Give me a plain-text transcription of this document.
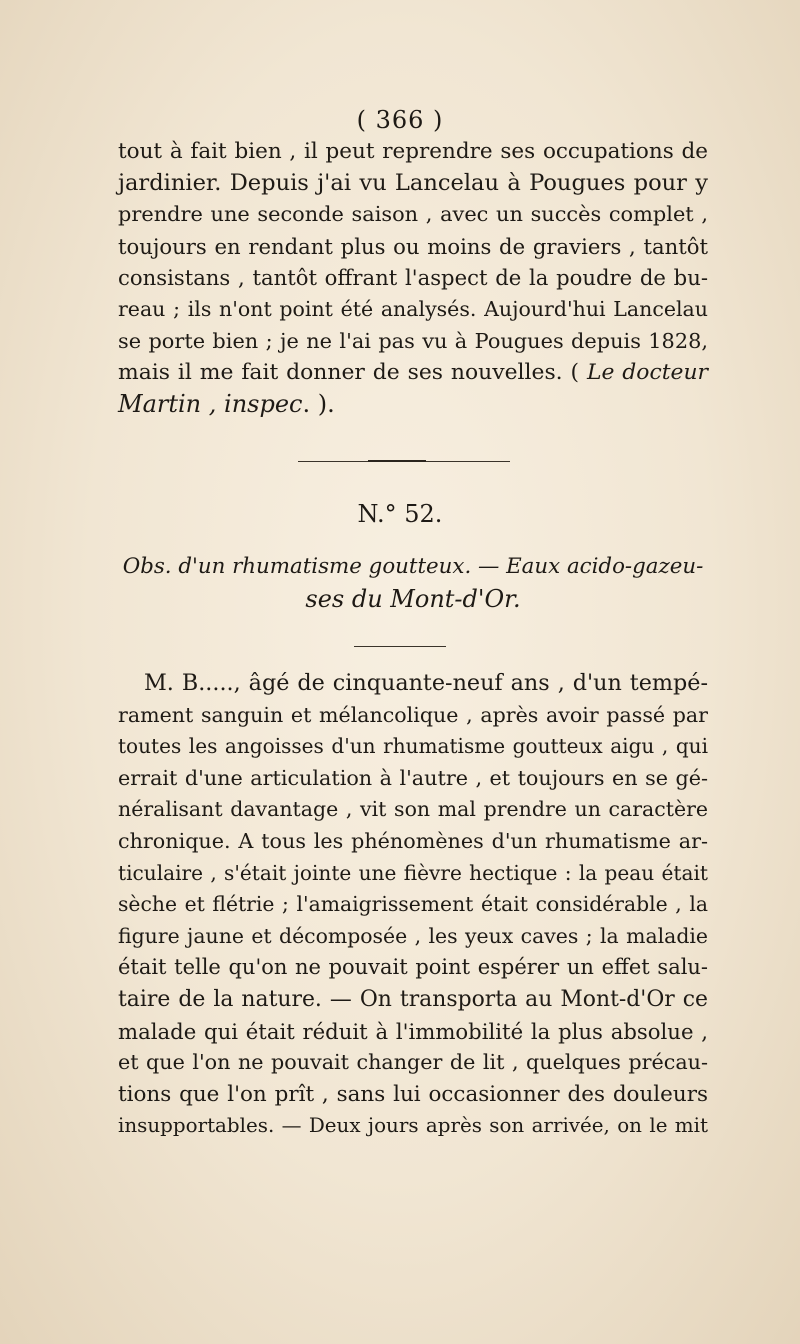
( 366 )
tout à fait bien , il peut reprendre ses occupations de
jardinier. Depuis j'ai vu Lancelau à Pougues pour y
prendre une seconde saison , avec un succès complet ,
toujours en rendant plus ou moins de graviers , tantôt
consistans , tantôt offrant l'aspect de la poudre de bu-
reau ; ils n'ont point été analysés. Aujourd'hui Lancelau
se porte bien ; je ne l'ai pas vu à Pougues depuis 1828,
mais il me fait donner de ses nouvelles. ( Le docteur
Martin , inspec. ).
N.° 52.
Obs. d'un rhumatisme goutteux. — Eaux acido-gazeu-
ses du Mont-d'Or.
M. B....., âgé de cinquante-neuf ans , d'un tempé-
rament sanguin et mélancolique , après avoir passé par
toutes les angoisses d'un rhumatisme goutteux aigu , qui
errait d'une articulation à l'autre , et toujours en se gé-
néralisant davantage , vit son mal prendre un caractère
chronique. A tous les phénomènes d'un rhumatisme ar-
ticulaire , s'était jointe une fièvre hectique : la peau était
sèche et flétrie ; l'amaigrissement était considérable , la
figure jaune et décomposée , les yeux caves ; la maladie
était telle qu'on ne pouvait point espérer un effet salu-
taire de la nature. — On transporta au Mont-d'Or ce
malade qui était réduit à l'immobilité la plus absolue ,
et que l'on ne pouvait changer de lit , quelques précau-
tions que l'on prît , sans lui occasionner des douleurs
insupportables. — Deux jours après son arrivée, on le mit
